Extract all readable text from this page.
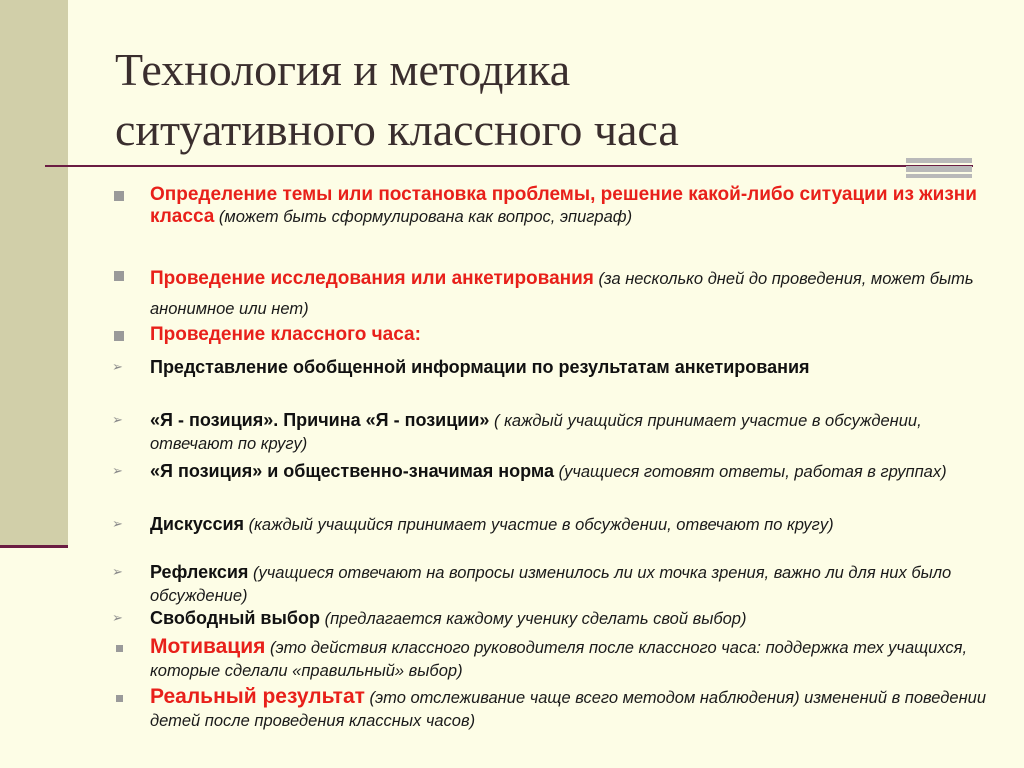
Технология и методика
ситуативного классного часа
Определение темы или постановка проблемы, решение какой-либо ситуации из жизни класса (может быть сформулирована как вопрос, эпиграф)
Проведение исследования или анкетирования (за несколько дней до проведения, может быть анонимное или нет)
Проведение классного часа:
➢	Представление обобщенной информации по результатам анкетирования
➢	«Я - позиция». Причина «Я - позиции» ( каждый учащийся принимает участие в обсуждении, отвечают по кругу)
➢	«Я позиция» и общественно-значимая норма (учащиеся готовят ответы, работая в группах)
➢	Дискуссия (каждый учащийся принимает участие в обсуждении, отвечают по кругу)
➢	Рефлексия (учащиеся отвечают на вопросы изменилось ли их точка зрения, важно ли для них было обсуждение)
➢	Свободный выбор (предлагается каждому ученику сделать свой выбор)
Мотивация (это действия классного руководителя после классного часа: поддержка тех учащихся, которые сделали «правильный» выбор)
Реальный результат (это отслеживание чаще всего методом наблюдения) изменений в поведении детей после проведения классных часов)
